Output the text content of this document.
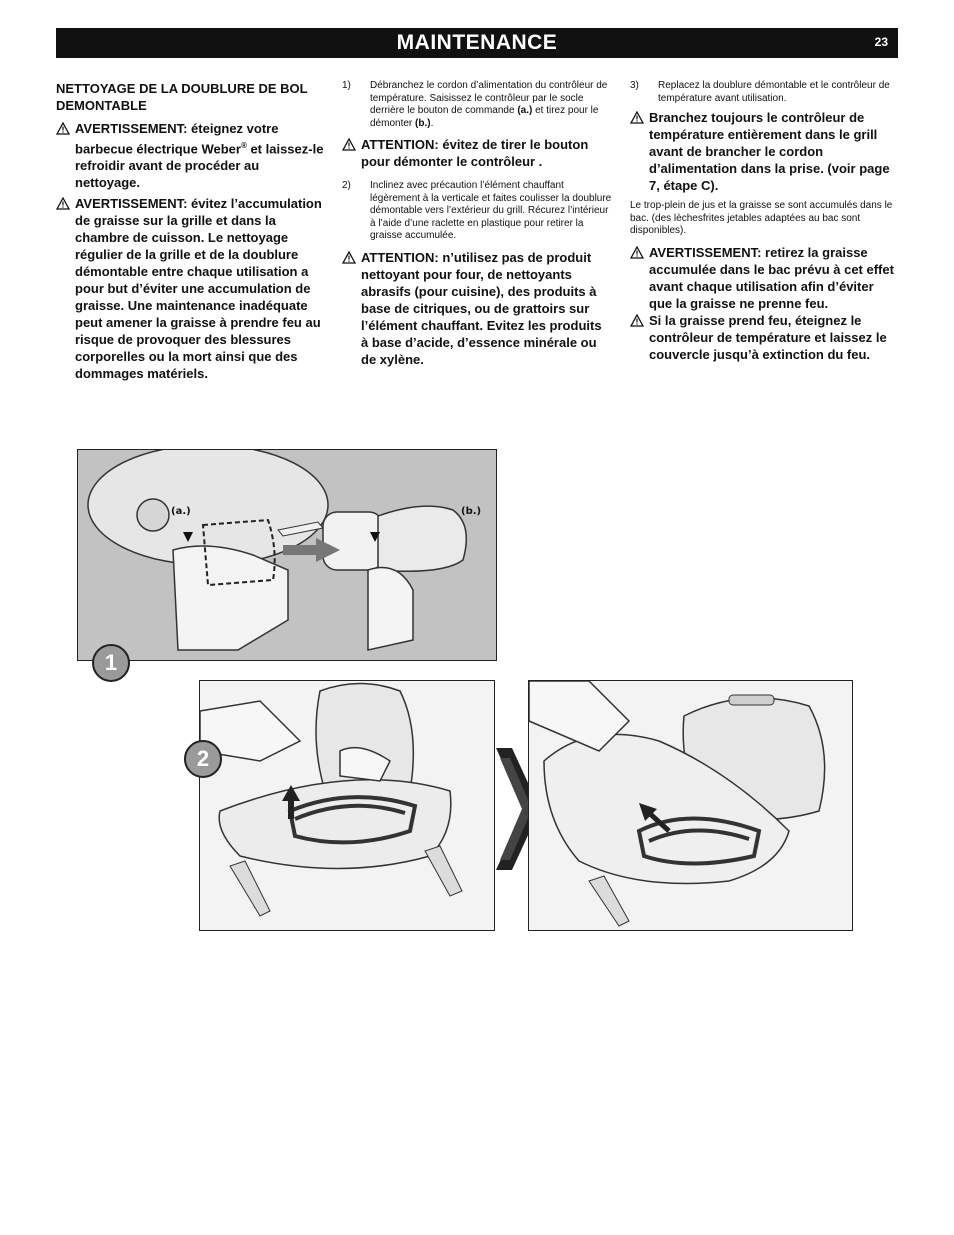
MAINTENANCE	23

NETTOYAGE DE LA DOUBLURE DE BOL DEMONTABLE

AVERTISSEMENT: éteignez votre barbecue électrique Weber® et laissez-le refroidir avant de procéder au nettoyage.

AVERTISSEMENT: évitez l’accumulation de graisse sur la grille et dans la chambre de cuisson. Le nettoyage régulier de la grille et de la doublure démontable entre chaque utilisation a pour but d’éviter une accumulation de graisse. Une maintenance inadéquate peut amener la graisse à prendre feu au risque de provoquer des blessures corporelles ou la mort ainsi que des dommages matériels.

1) Débranchez le cordon d’alimentation du contrôleur de température. Saisissez le contrôleur par le socle derrière le bouton de commande (a.) et tirez pour le démonter (b.).

ATTENTION: évitez de tirer le bouton pour démonter le contrôleur .

2) Inclinez avec précaution l’élément chauffant légèrement à la verticale et faites coulisser la doublure démontable vers l’extérieur du grill. Récurez l’intérieur à l’aide d’une raclette en plastique pour retirer la graisse accumulée.

ATTENTION: n’utilisez pas de produit nettoyant pour four, de nettoyants abrasifs (pour cuisine), des produits à base de citriques, ou de grattoirs sur l’élément chauffant. Evitez les produits à base d’acide, d’essence minérale ou de xylène.

3) Replacez la doublure démontable et le contrôleur de température avant utilisation.

Branchez toujours le contrôleur de température entièrement dans le grill avant de brancher le cordon d’alimentation dans la prise. (voir page 7, étape C).

Le trop-plein de jus et la graisse se sont accumulés dans le bac. (des lèchesfrites jetables adaptées au bac sont disponibles).

AVERTISSEMENT: retirez la graisse accumulée dans le bac prévu à cet effet avant chaque utilisation afin d’éviter que la graisse ne prenne feu.

Si la graisse prend feu, éteignez le contrôleur de température et laissez le couvercle jusqu’à extinction du feu.

(a.)	(b.)
1
2
